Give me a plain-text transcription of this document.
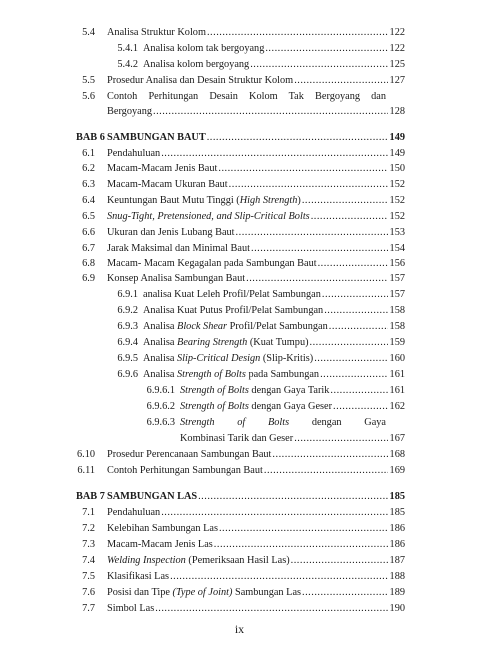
5.4 Analisa Struktur Kolom .....	122
5.4.1 Analisa kolom tak bergoyang .....	122
5.4.2 Analisa kolom bergoyang .....	125
5.5 Prosedur Analisa dan Desain Struktur Kolom .....	127
5.6 Contoh Perhitungan Desain Kolom Tak Bergoyang dan
Bergoyang .....	128
BAB 6 SAMBUNGAN BAUT .....	149
6.1 Pendahuluan .....	149
6.2 Macam-Macam Jenis Baut .....	150
6.3 Macam-Macam Ukuran Baut .....	152
6.4 Keuntungan Baut Mutu Tinggi (High Strength) .....	152
6.5 Snug-Tight, Pretensioned, and Slip-Critical Bolts .....	152
6.6 Ukuran dan Jenis Lubang Baut .....	153
6.7 Jarak Maksimal dan Minimal Baut .....	154
6.8 Macam- Macam Kegagalan pada Sambungan Baut .....	156
6.9 Konsep Analisa Sambungan Baut .....	157
6.9.1 analisa Kuat Leleh Profil/Pelat Sambungan .....	157
6.9.2 Analisa Kuat Putus Profil/Pelat Sambungan .....	158
6.9.3 Analisa Block Shear Profil/Pelat Sambungan .....	158
6.9.4 Analisa Bearing Strength (Kuat Tumpu) .....	159
6.9.5 Analisa Slip-Critical Design (Slip-Kritis) .....	160
6.9.6 Analisa Strength of Bolts pada Sambungan .....	161
6.9.6.1 Strength of Bolts dengan Gaya Tarik .....	161
6.9.6.2 Strength of Bolts dengan Gaya Geser .....	162
6.9.6.3 Strength of Bolts dengan Gaya
Kombinasi Tarik dan Geser .....	167
6.10 Prosedur Perencanaan Sambungan Baut .....	168
6.11 Contoh Perhitungan Sambungan Baut .....	169
BAB 7 SAMBUNGAN LAS .....	185
7.1 Pendahuluan .....	185
7.2 Kelebihan Sambungan Las .....	186
7.3 Macam-Macam Jenis Las .....	186
7.4 Welding Inspection (Pemeriksaan Hasil Las) .....	187
7.5 Klasifikasi Las .....	188
7.6 Posisi dan Tipe (Type of Joint) Sambungan Las .....	189
7.7 Simbol Las .....	190
ix
